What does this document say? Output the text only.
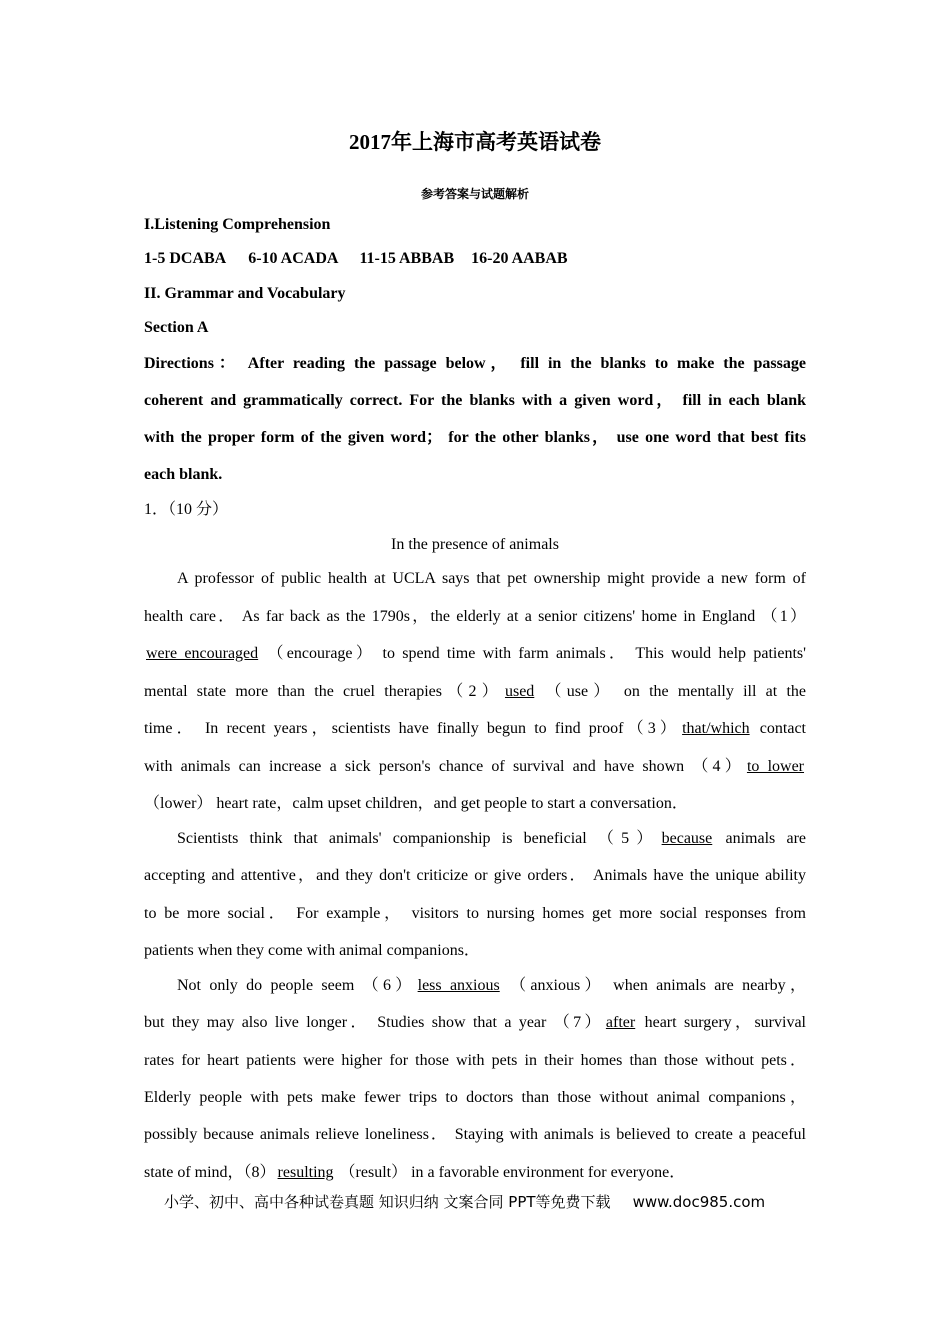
2017年上海市高考英语试卷
参考答案与试题解析
I.Listening Comprehension
1-5 DCABA 6-10 ACADA 11-15 ABBAB 16-20 AABAB
II. Grammar and Vocabulary
Section A
Directions： After reading the passage below， fill in the blanks to make the passage
coherent and grammatically correct. For the blanks with a given word， fill in each blank
with the proper form of the given word； for the other blanks， use one word that best fits
each blank.
1．（10 分）
In the presence of animals
A professor of public health at UCLA says that pet ownership might provide a new form of
health care． As far back as the 1790s，the elderly at a senior citizens' home in England （1）
were encouraged （encourage） to spend time with farm animals． This would help patients'
mental state more than the cruel therapies（2） used （use） on the mentally ill at the
time． In recent years，scientists have finally begun to find proof（3） that/which contact
with animals can increase a sick person's chance of survival and have shown （4） to lower
（lower） heart rate，calm upset children，and get people to start a conversation．
Scientists think that animals' companionship is beneficial （5） because animals are
accepting and attentive，and they don't criticize or give orders． Animals have the unique ability
to be more social． For example， visitors to nursing homes get more social responses from
patients when they come with animal companions．
Not only do people seem （6） less anxious （anxious） when animals are nearby，
but they may also live longer． Studies show that a year （7） after heart surgery，survival
rates for heart patients were higher for those with pets in their homes than those without pets．
Elderly people with pets make fewer trips to doctors than those without animal companions，
possibly because animals relieve loneliness． Staying with animals is believed to create a peaceful
state of mind，（8） resulting （result） in a favorable environment for everyone．
小学、初中、高中各种试卷真题 知识归纳 文案合同 PPT等免费下载 www.doc985.com
